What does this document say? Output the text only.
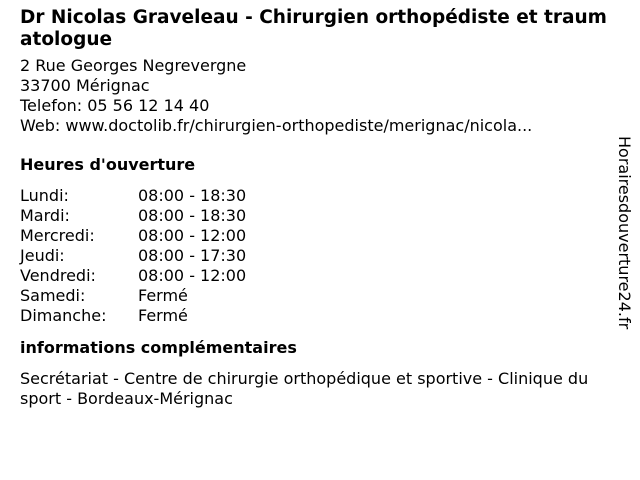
Dr Nicolas Graveleau - Chirurgien orthopédiste et traumatologue
2 Rue Georges Negrevergne
33700 Mérignac
Telefon: 05 56 12 14 40
Web: www.doctolib.fr/chirurgien-orthopediste/merignac/nicola...
Heures d'ouverture
Lundi:	08:00 - 18:30
Mardi:	08:00 - 18:30
Mercredi:	08:00 - 12:00
Jeudi:	08:00 - 17:30
Vendredi:	08:00 - 12:00
Samedi:	Fermé
Dimanche:	Fermé
informations complémentaires
Secrétariat - Centre de chirurgie orthopédique et sportive - Clinique du sport - Bordeaux-Mérignac
Horairesdouverture24.fr
